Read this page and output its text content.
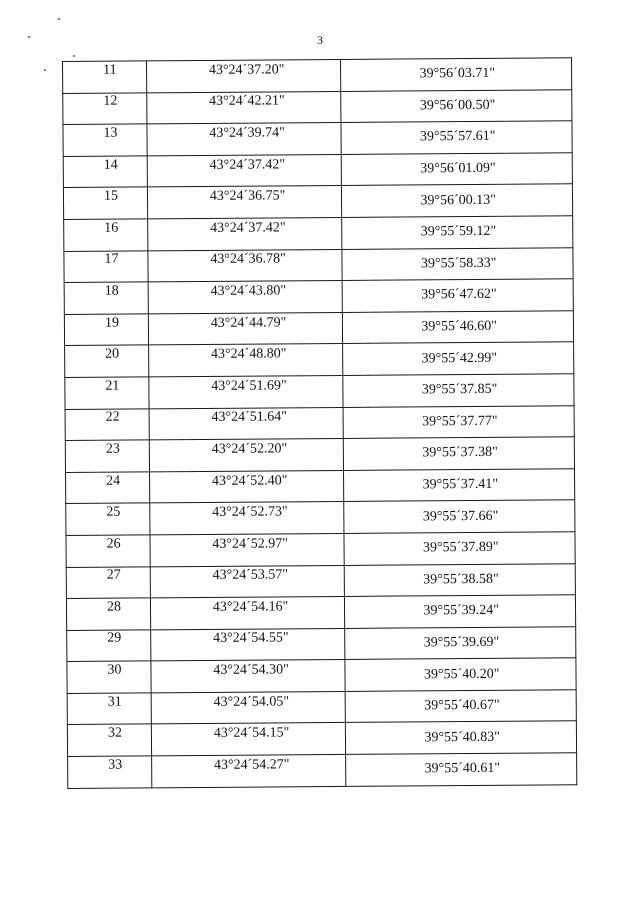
3
11	43°24´37.20"	39°56´03.71"

12	43°24´42.21"	39°56´00.50"

13	43°24´39.74"	39°55´57.61"

14	43°24´37.42"	39°56´01.09"

15	43°24´36.75"	39°56´00.13"

16	43°24´37.42"	39°55´59.12"

17	43°24´36.78"	39°55´58.33"

18	43°24´43.80"	39°56´47.62"

19	43°24´44.79"	39°55´46.60"

20	43°24´48.80"	39°55´42.99"

21	43°24´51.69"	39°55´37.85"

22	43°24´51.64"	39°55´37.77"

23	43°24´52.20"	39°55´37.38"

24	43°24´52.40"	39°55´37.41"

25	43°24´52.73"	39°55´37.66"

26	43°24´52.97"	39°55´37.89"

27	43°24´53.57"	39°55´38.58"

28	43°24´54.16"	39°55´39.24"

29	43°24´54.55"	39°55´39.69"

30	43°24´54.30"	39°55´40.20"

31	43°24´54.05"	39°55´40.67"

32	43°24´54.15"	39°55´40.83"

33	43°24´54.27"	39°55´40.61"
